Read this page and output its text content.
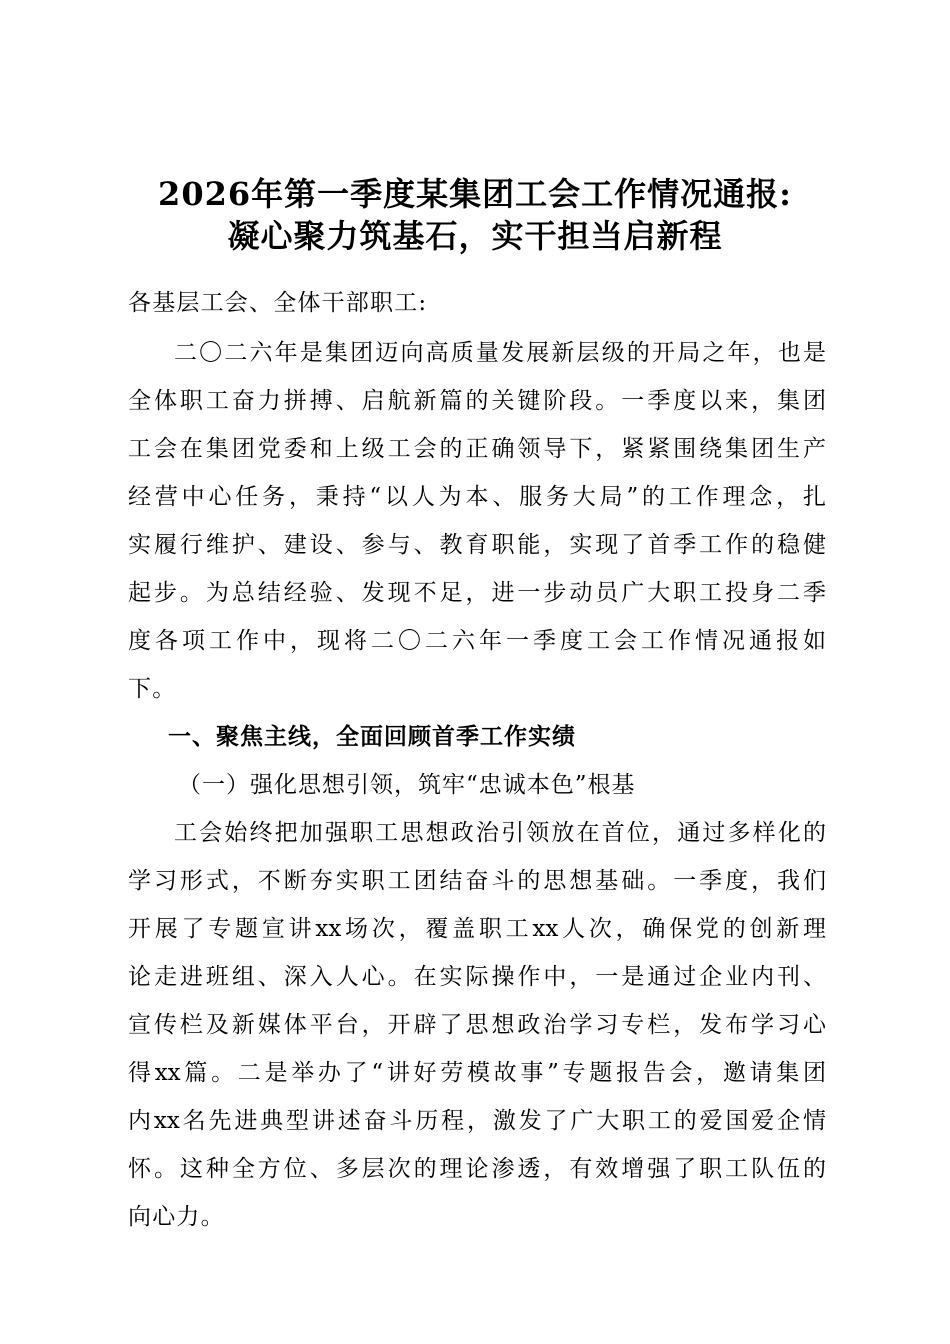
2026年第一季度某集团工会工作情况通报:
凝心聚力筑基石，实干担当启新程
各基层工会、全体干部职工:
二〇二六年是集团迈向高质量发展新层级的开局之年，也是
全体职工奋力拼搏、启航新篇的关键阶段。一季度以来，集团
工会在集团党委和上级工会的正确领导下，紧紧围绕集团生产
经营中心任务，秉持“以人为本、服务大局”的工作理念，扎
实履行维护、建设、参与、教育职能，实现了首季工作的稳健
起步。为总结经验、发现不足，进一步动员广大职工投身二季
度各项工作中，现将二〇二六年一季度工会工作情况通报如
下。
一、聚焦主线，全面回顾首季工作实绩
（一）强化思想引领，筑牢“忠诚本色”根基
工会始终把加强职工思想政治引领放在首位，通过多样化的
学习形式，不断夯实职工团结奋斗的思想基础。一季度，我们
开展了专题宣讲xx场次，覆盖职工xx人次，确保党的创新理
论走进班组、深入人心。在实际操作中，一是通过企业内刊、
宣传栏及新媒体平台，开辟了思想政治学习专栏，发布学习心
得xx篇。二是举办了“讲好劳模故事”专题报告会，邀请集团
内xx名先进典型讲述奋斗历程，激发了广大职工的爱国爱企情
怀。这种全方位、多层次的理论渗透，有效增强了职工队伍的
向心力。
